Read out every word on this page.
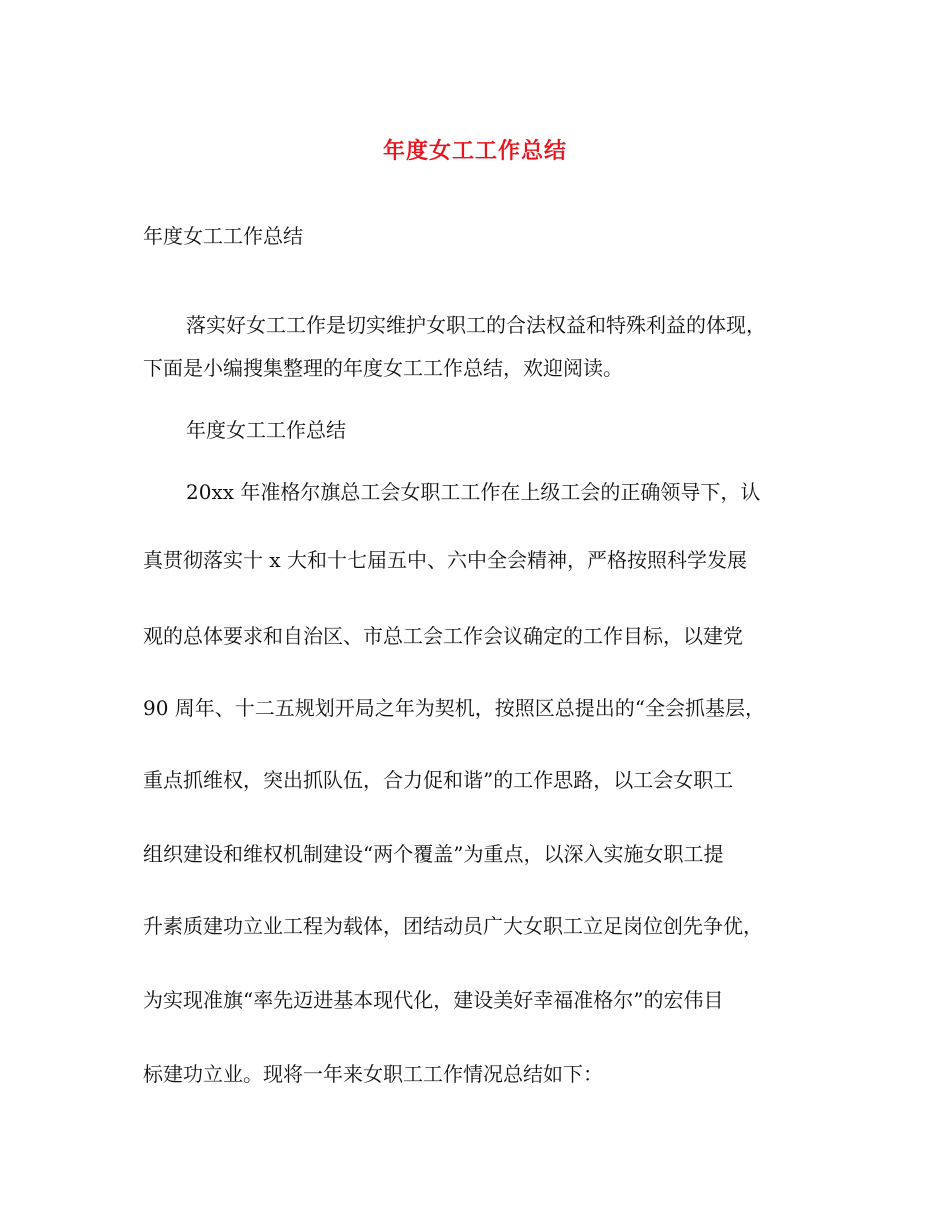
年度女工工作总结
年度女工工作总结
落实好女工工作是切实维护女职工的合法权益和特殊利益的体现，
下面是小编搜集整理的年度女工工作总结，欢迎阅读。
年度女工工作总结
20xx 年准格尔旗总工会女职工工作在上级工会的正确领导下，认
真贯彻落实十 x 大和十七届五中、六中全会精神，严格按照科学发展
观的总体要求和自治区、市总工会工作会议确定的工作目标，以建党
90 周年、十二五规划开局之年为契机，按照区总提出的“全会抓基层，
重点抓维权，突出抓队伍，合力促和谐”的工作思路，以工会女职工
组织建设和维权机制建设“两个覆盖”为重点，以深入实施女职工提
升素质建功立业工程为载体，团结动员广大女职工立足岗位创先争优，
为实现准旗“率先迈进基本现代化，建设美好幸福准格尔”的宏伟目
标建功立业。现将一年来女职工工作情况总结如下：
